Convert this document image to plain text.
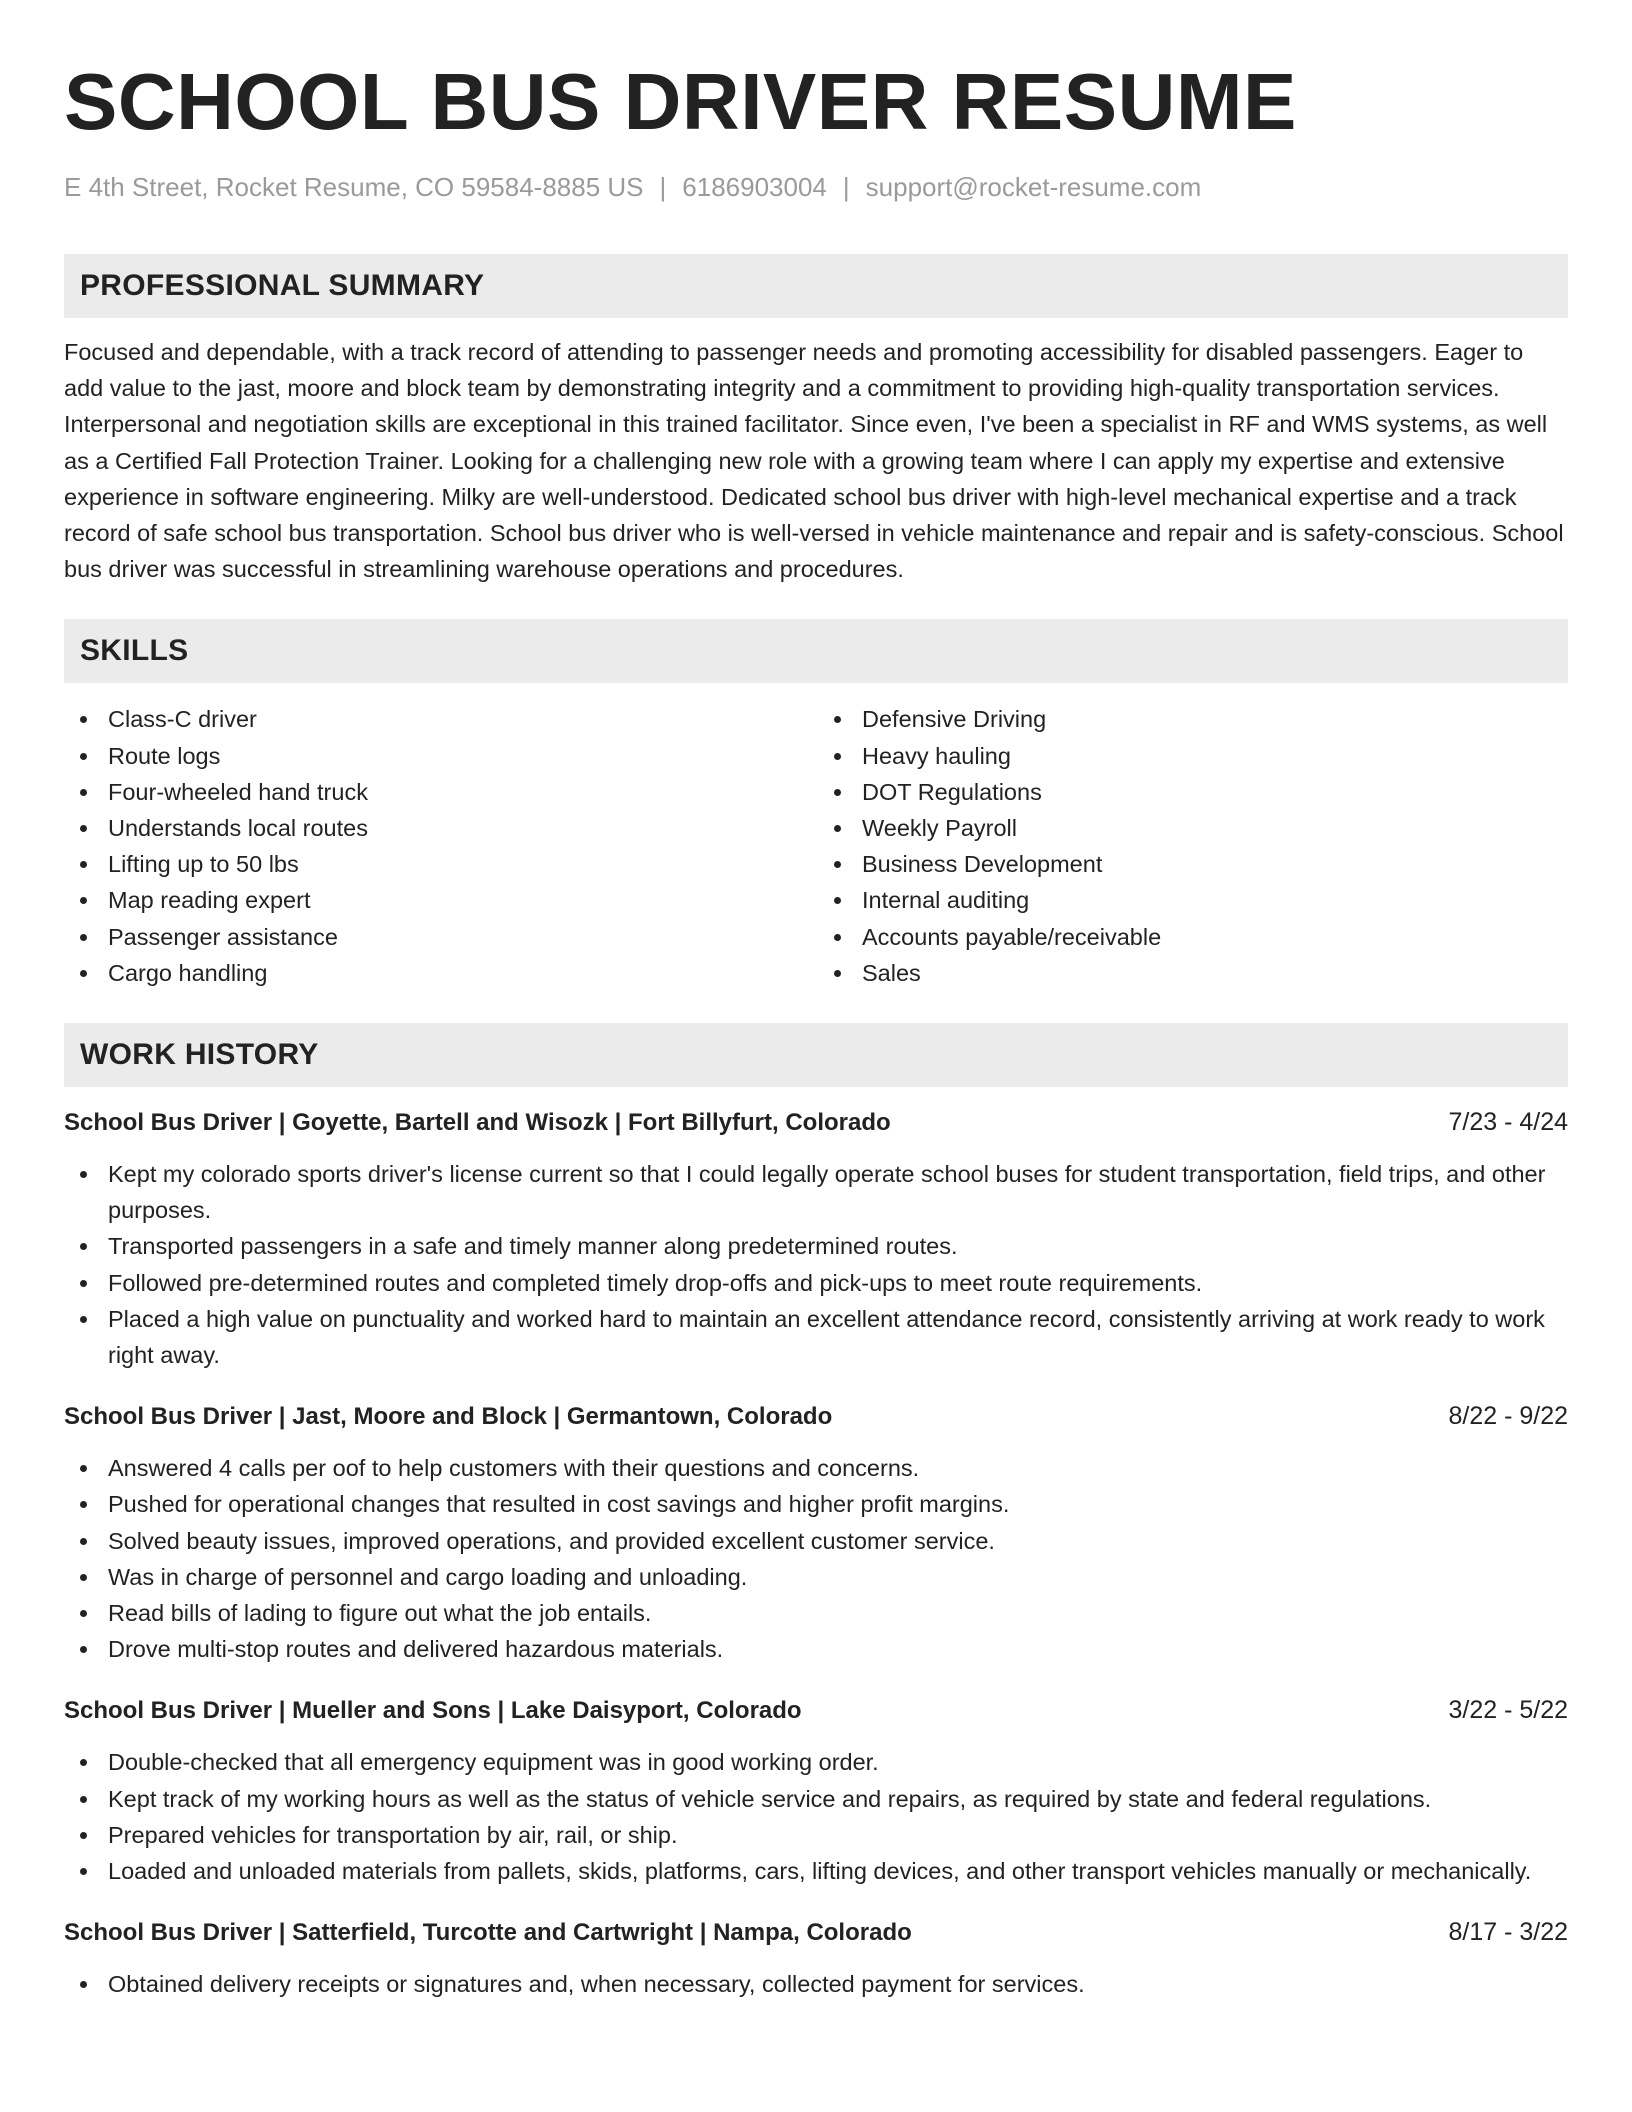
SCHOOL BUS DRIVER RESUME
E 4th Street, Rocket Resume, CO 59584-8885 US | 6186903004 | support@rocket-resume.com
PROFESSIONAL SUMMARY

Focused and dependable, with a track record of attending to passenger needs and promoting accessibility for disabled passengers. Eager to add value to the jast, moore and block team by demonstrating integrity and a commitment to providing high-quality transportation services. Interpersonal and negotiation skills are exceptional in this trained facilitator. Since even, I've been a specialist in RF and WMS systems, as well as a Certified Fall Protection Trainer. Looking for a challenging new role with a growing team where I can apply my expertise and extensive experience in software engineering. Milky are well-understood. Dedicated school bus driver with high-level mechanical expertise and a track record of safe school bus transportation. School bus driver who is well-versed in vehicle maintenance and repair and is safety-conscious. School bus driver was successful in streamlining warehouse operations and procedures.

SKILLS
Class-C driver
Route logs
Four-wheeled hand truck
Understands local routes
Lifting up to 50 lbs
Map reading expert
Passenger assistance
Cargo handling
Defensive Driving
Heavy hauling
DOT Regulations
Weekly Payroll
Business Development
Internal auditing
Accounts payable/receivable
Sales
WORK HISTORY
School Bus Driver | Goyette, Bartell and Wisozk | Fort Billyfurt, Colorado	7/23 - 4/24
Kept my colorado sports driver's license current so that I could legally operate school buses for student transportation, field trips, and other purposes.
Transported passengers in a safe and timely manner along predetermined routes.
Followed pre-determined routes and completed timely drop-offs and pick-ups to meet route requirements.
Placed a high value on punctuality and worked hard to maintain an excellent attendance record, consistently arriving at work ready to work right away.
School Bus Driver | Jast, Moore and Block | Germantown, Colorado	8/22 - 9/22
Answered 4 calls per oof to help customers with their questions and concerns.
Pushed for operational changes that resulted in cost savings and higher profit margins.
Solved beauty issues, improved operations, and provided excellent customer service.
Was in charge of personnel and cargo loading and unloading.
Read bills of lading to figure out what the job entails.
Drove multi-stop routes and delivered hazardous materials.
School Bus Driver | Mueller and Sons | Lake Daisyport, Colorado	3/22 - 5/22
Double-checked that all emergency equipment was in good working order.
Kept track of my working hours as well as the status of vehicle service and repairs, as required by state and federal regulations.
Prepared vehicles for transportation by air, rail, or ship.
Loaded and unloaded materials from pallets, skids, platforms, cars, lifting devices, and other transport vehicles manually or mechanically.
School Bus Driver | Satterfield, Turcotte and Cartwright | Nampa, Colorado	8/17 - 3/22
Obtained delivery receipts or signatures and, when necessary, collected payment for services.
